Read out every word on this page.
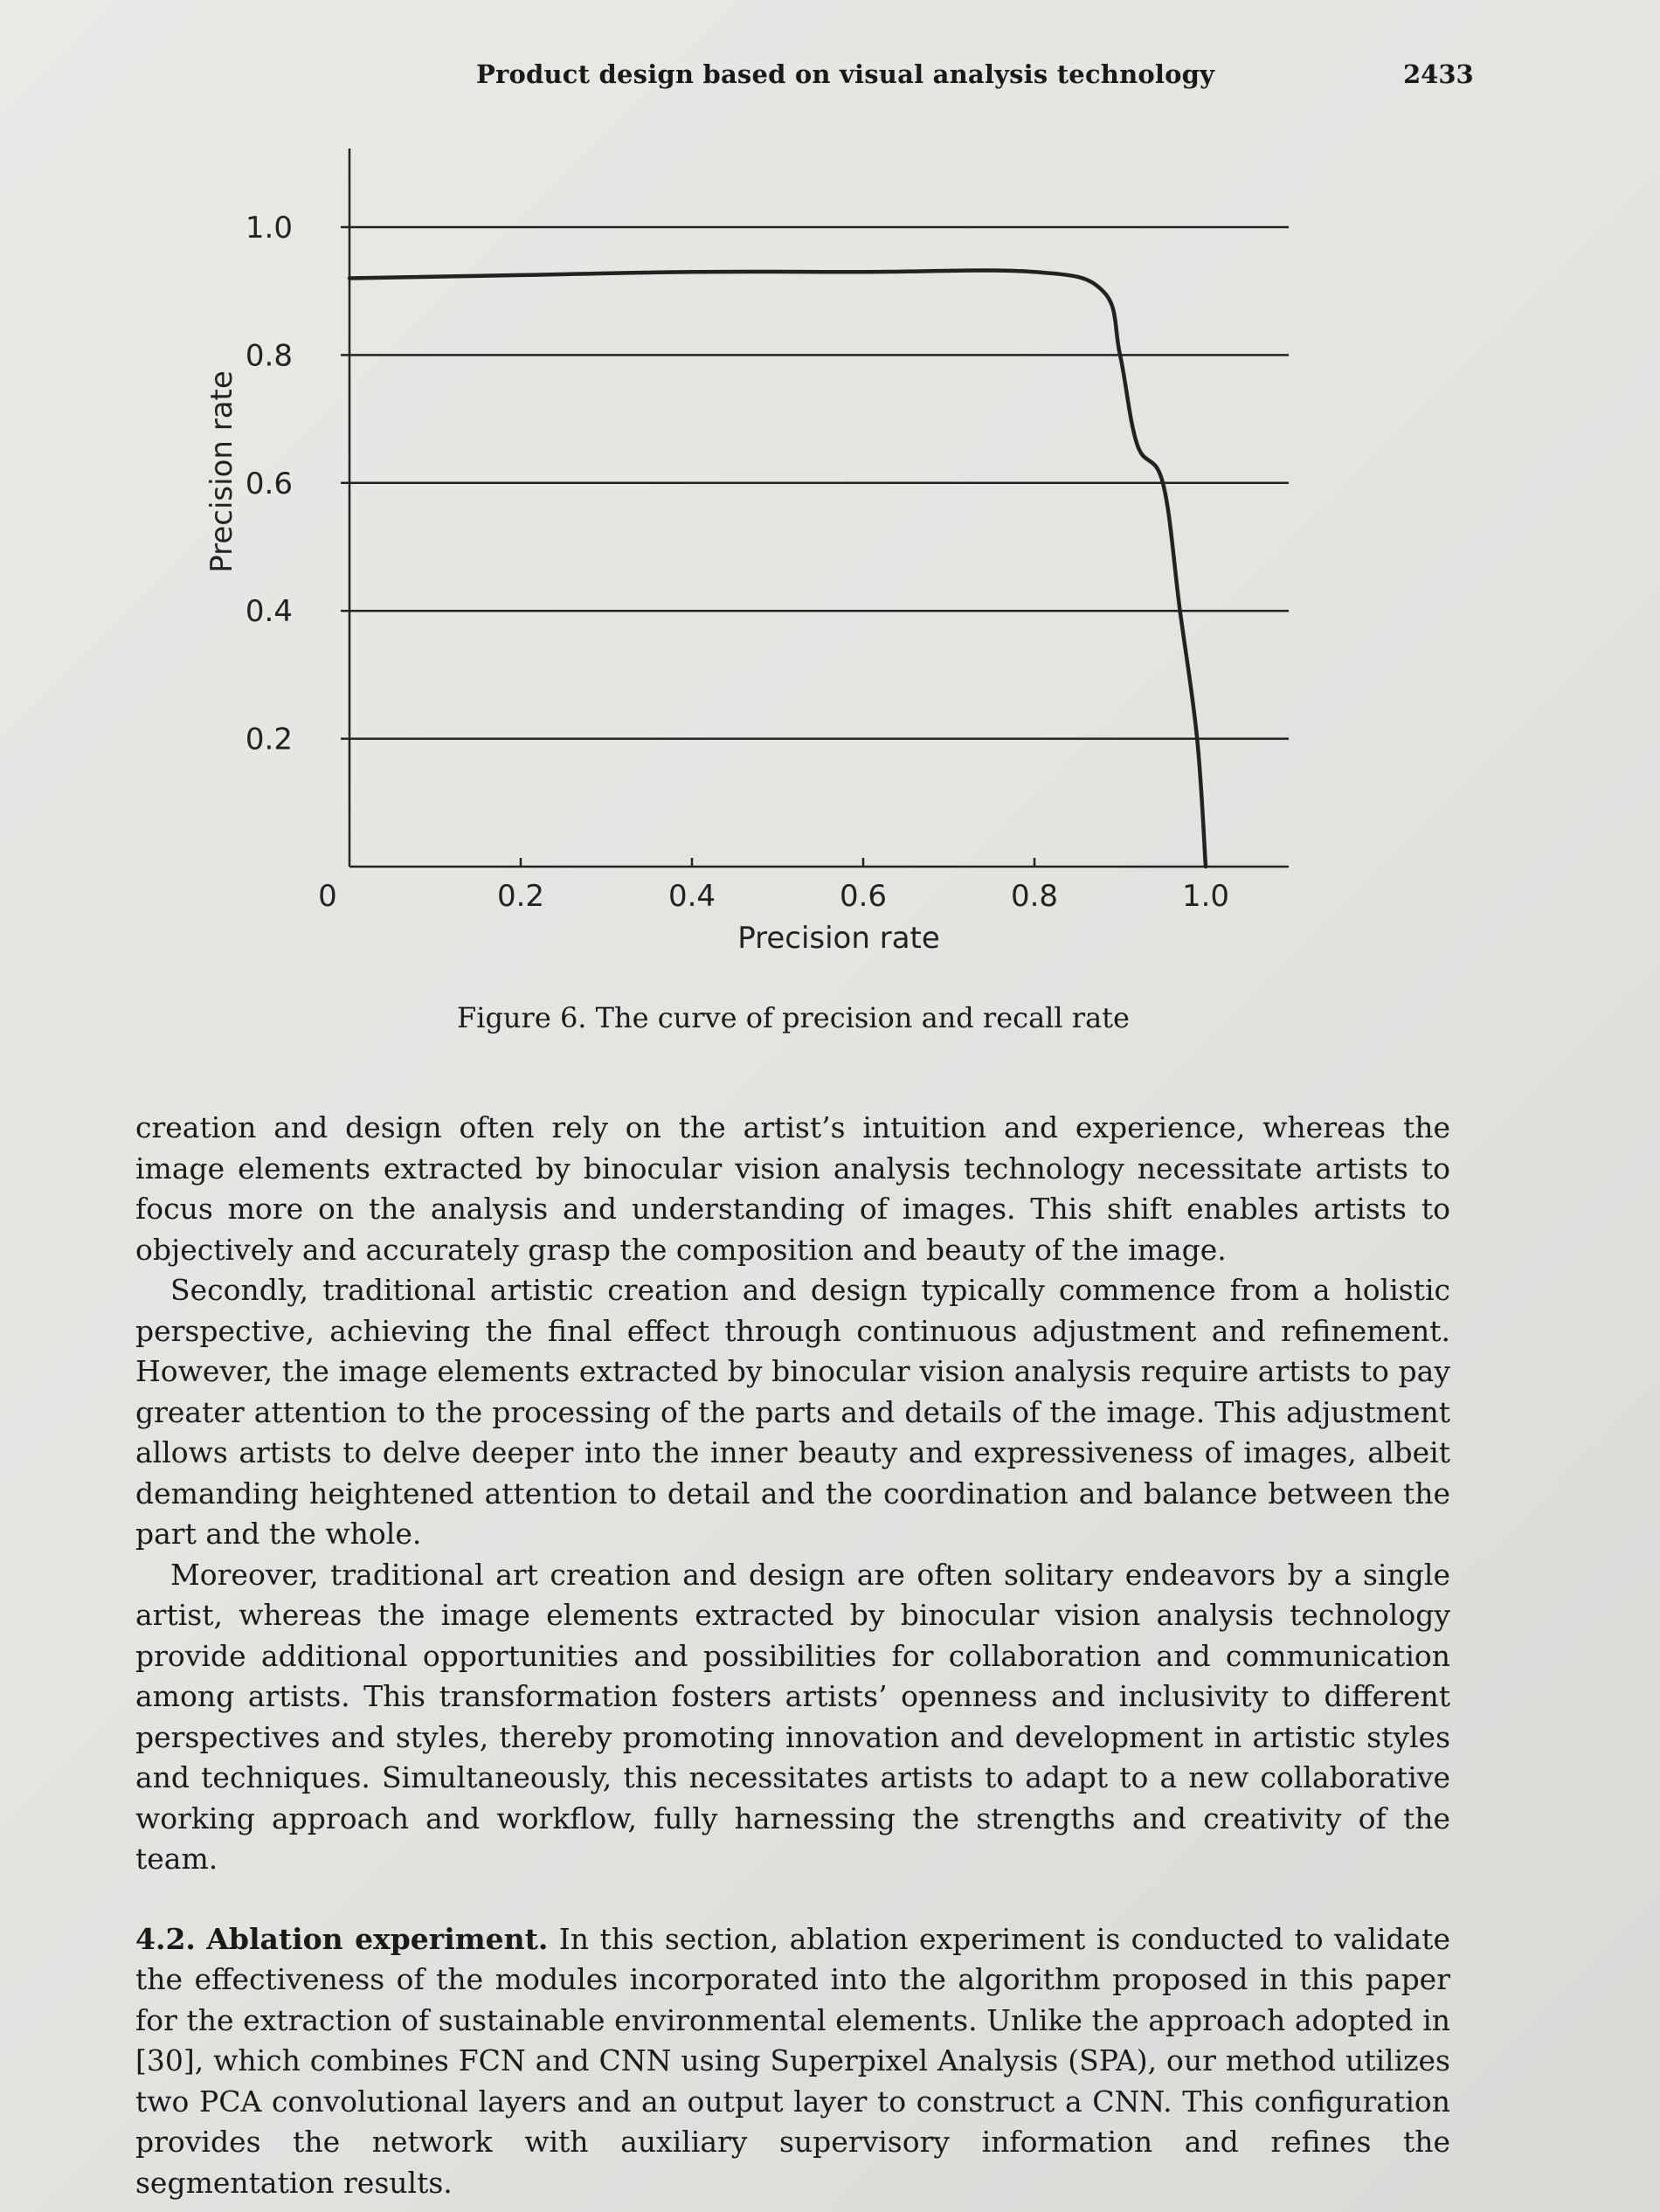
Product design based on visual analysis technology	2433
0	0.2	0.4	0.6	0.8	1.0
1.0
0.8
0.6
0.4
0.2
Precision rate
Precision rate
Figure 6. The curve of precision and recall rate

creation and design often rely on the artist’s intuition and experience, whereas the image elements extracted by binocular vision analysis technology necessitate artists to focus more on the analysis and understanding of images. This shift enables artists to objectively and accurately grasp the composition and beauty of the image.

Secondly, traditional artistic creation and design typically commence from a holistic perspective, achieving the final effect through continuous adjustment and refinement. However, the image elements extracted by binocular vision analysis require artists to pay greater attention to the processing of the parts and details of the image. This adjustment allows artists to delve deeper into the inner beauty and expressiveness of images, albeit demanding heightened attention to detail and the coordination and balance between the part and the whole.

Moreover, traditional art creation and design are often solitary endeavors by a single artist, whereas the image elements extracted by binocular vision analysis technology provide additional opportunities and possibilities for collaboration and communication among artists. This transformation fosters artists’ openness and inclusivity to different perspectives and styles, thereby promoting innovation and development in artistic styles and techniques. Simultaneously, this necessitates artists to adapt to a new collaborative working approach and workflow, fully harnessing the strengths and creativity of the team.

4.2. Ablation experiment. In this section, ablation experiment is conducted to validate the effectiveness of the modules incorporated into the algorithm proposed in this paper for the extraction of sustainable environmental elements. Unlike the approach adopted in [30], which combines FCN and CNN using Superpixel Analysis (SPA), our method utilizes two PCA convolutional layers and an output layer to construct a CNN. This configuration provides the network with auxiliary supervisory information and refines the segmentation results.
